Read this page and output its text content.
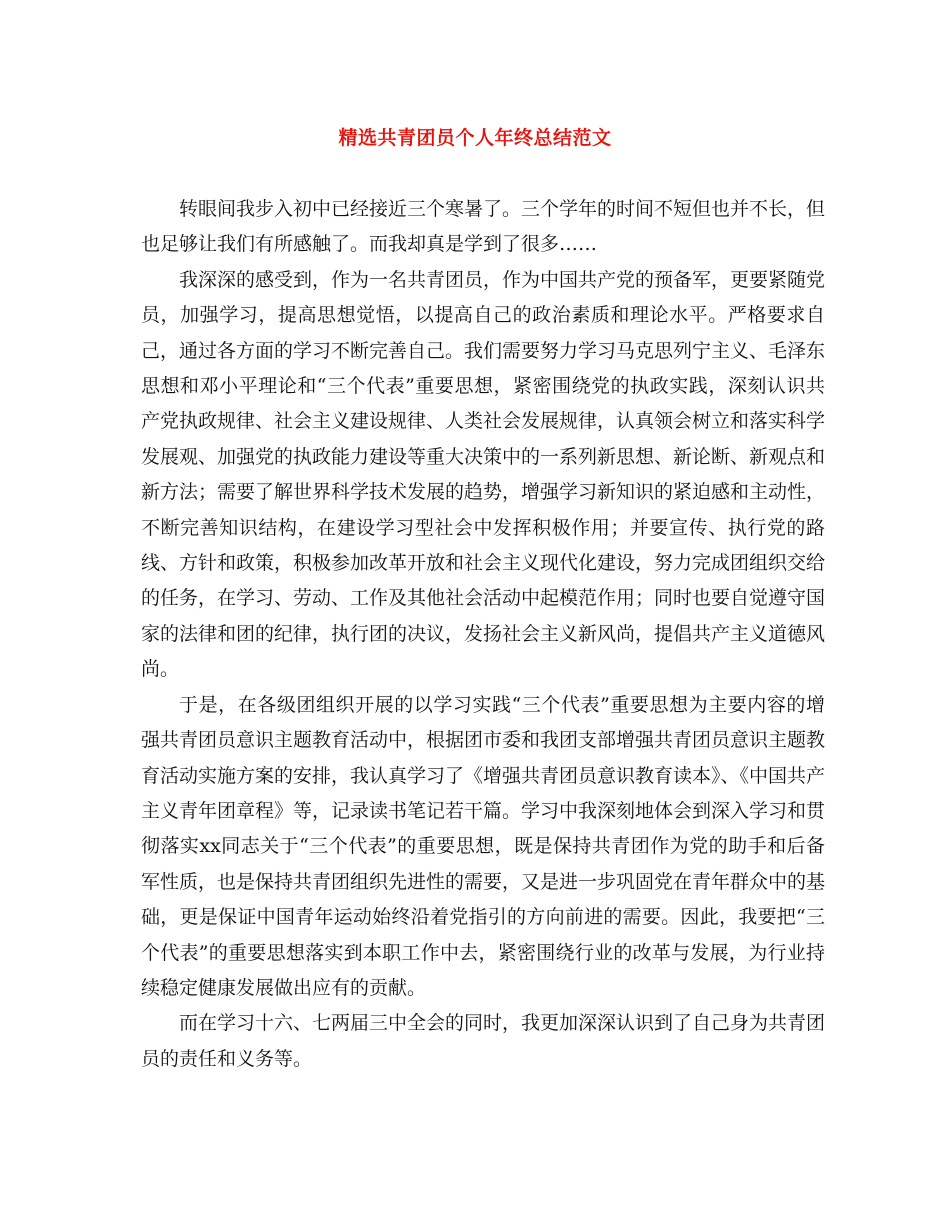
精选共青团员个人年终总结范文

转眼间我步入初中已经接近三个寒暑了。三个学年的时间不短但也并不长，但也足够让我们有所感触了。而我却真是学到了很多……

我深深的感受到，作为一名共青团员，作为中国共产党的预备军，更要紧随党员，加强学习，提高思想觉悟，以提高自己的政治素质和理论水平。严格要求自己，通过各方面的学习不断完善自己。我们需要努力学习马克思列宁主义、毛泽东思想和邓小平理论和“三个代表”重要思想，紧密围绕党的执政实践，深刻认识共产党执政规律、社会主义建设规律、人类社会发展规律，认真领会树立和落实科学发展观、加强党的执政能力建设等重大决策中的一系列新思想、新论断、新观点和新方法；需要了解世界科学技术发展的趋势，增强学习新知识的紧迫感和主动性，不断完善知识结构，在建设学习型社会中发挥积极作用；并要宣传、执行党的路线、方针和政策，积极参加改革开放和社会主义现代化建设，努力完成团组织交给的任务，在学习、劳动、工作及其他社会活动中起模范作用；同时也要自觉遵守国家的法律和团的纪律，执行团的决议，发扬社会主义新风尚，提倡共产主义道德风尚。

于是，在各级团组织开展的以学习实践“三个代表”重要思想为主要内容的增强共青团员意识主题教育活动中，根据团市委和我团支部增强共青团员意识主题教育活动实施方案的安排，我认真学习了《增强共青团员意识教育读本》、《中国共产主义青年团章程》等，记录读书笔记若干篇。学习中我深刻地体会到深入学习和贯彻落实xx同志关于“三个代表”的重要思想，既是保持共青团作为党的助手和后备军性质，也是保持共青团组织先进性的需要，又是进一步巩固党在青年群众中的基础，更是保证中国青年运动始终沿着党指引的方向前进的需要。因此，我要把“三个代表”的重要思想落实到本职工作中去，紧密围绕行业的改革与发展，为行业持续稳定健康发展做出应有的贡献。

而在学习十六、七两届三中全会的同时，我更加深深认识到了自己身为共青团员的责任和义务等。
